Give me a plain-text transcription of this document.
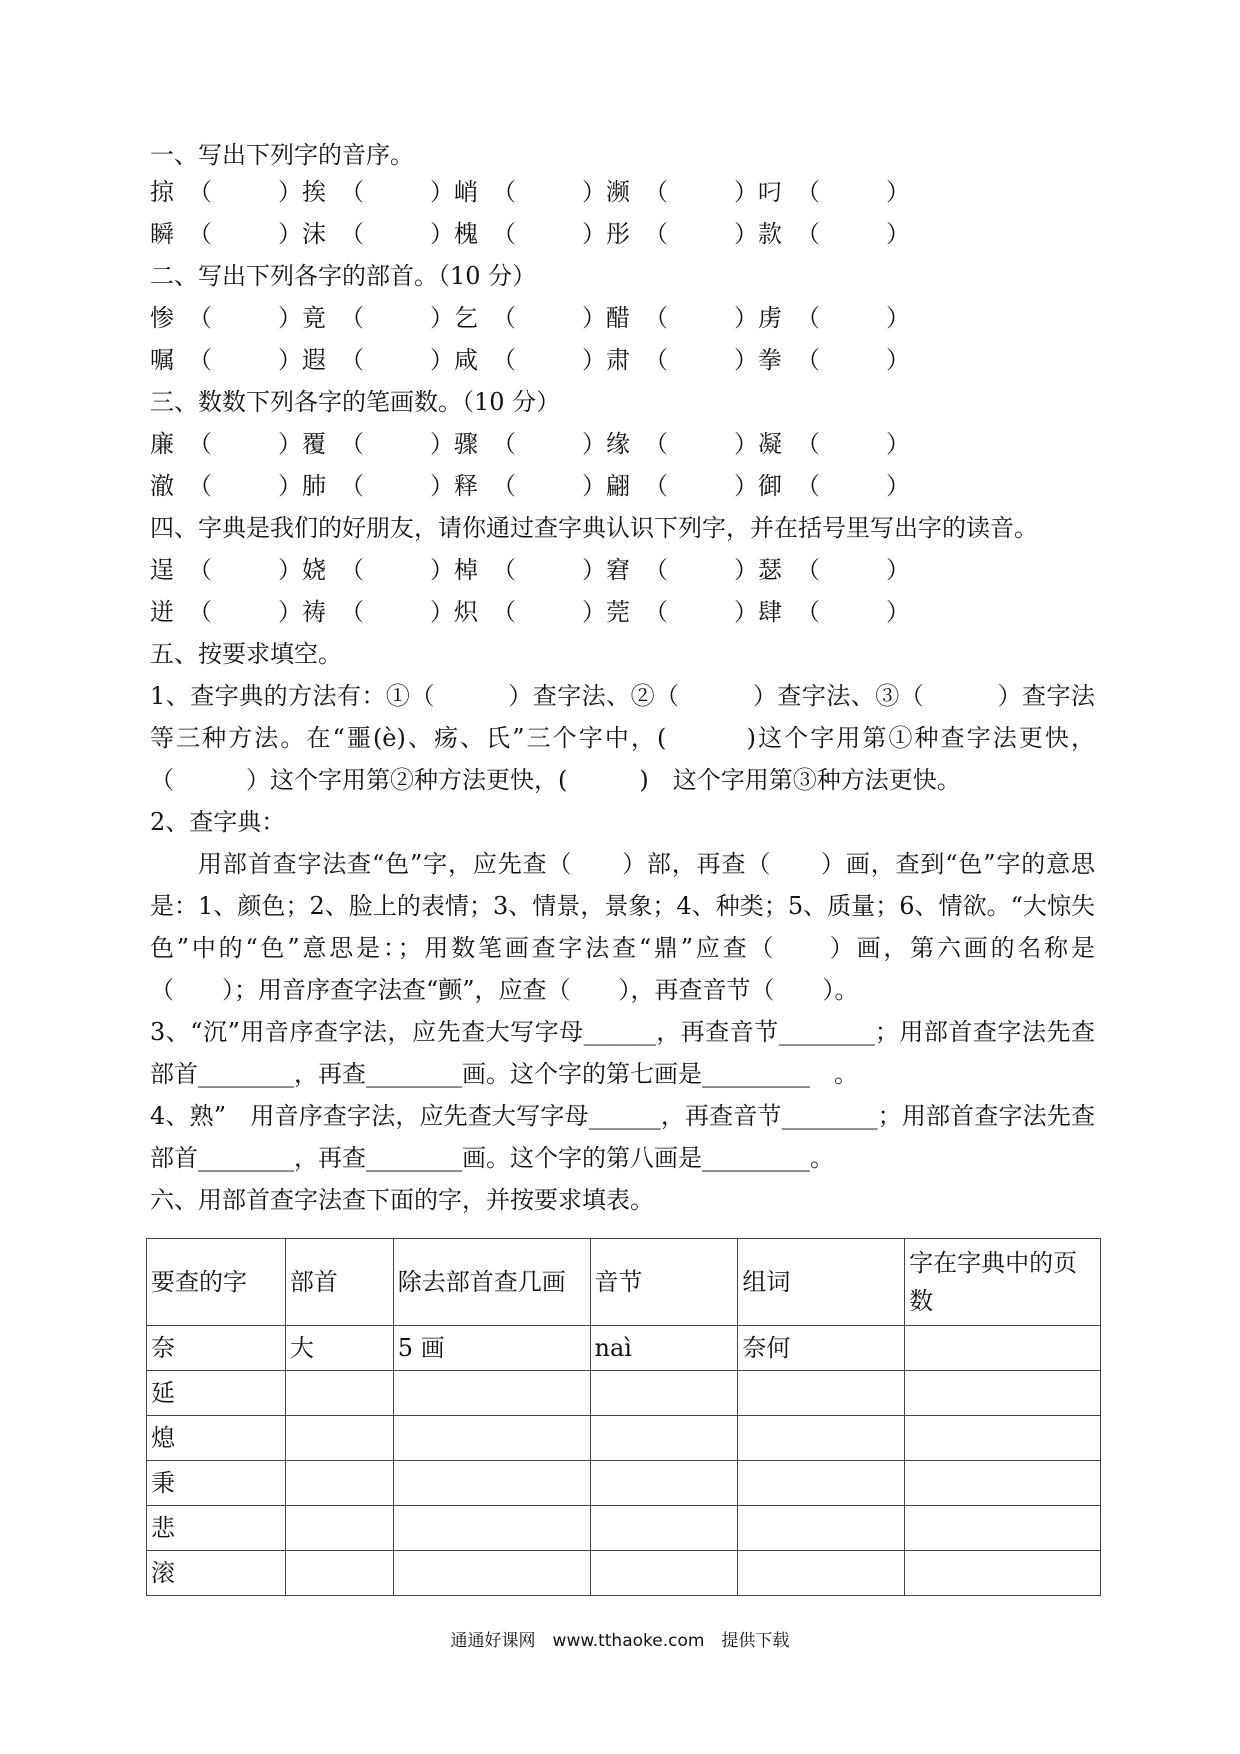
一、写出下列字的音序。
掠 （	） 挨 （	） 峭 （	） 濒 （	） 叼 （	）
瞬 （	） 沫 （	） 槐 （	） 彤 （	） 款 （	）
二、写出下列各字的部首。（10 分）
惨 （	） 竟 （	） 乞 （	） 醋 （	） 虏 （	）
嘱 （	） 遐 （	） 咸 （	） 肃 （	） 拳 （	）
三、数数下列各字的笔画数。（10 分）
廉 （	） 覆 （	） 骤 （	） 缘 （	） 凝 （	）
澈 （	） 肺 （	） 释 （	） 翩 （	） 御 （	）
四、字典是我们的好朋友，请你通过查字典认识下列字，并在括号里写出字的读音。
逞 （	） 娆 （	） 棹 （	） 窘 （	） 瑟 （	）
迸 （	） 祷 （	） 炽 （	） 莞 （	） 肆 （	）
五、按要求填空。
1、查字典的方法有：①（　　　）查字法、②（　　　）查字法、③（　　　）查字法等三种方法。在“噩(è)、疡、氏”三个字中，(　　　)这个字用第①种查字法更快，（　　　）这个字用第②种方法更快，(　　　)　这个字用第③种方法更快。
2、查字典：
用部首查字法查“色”字，应先查（　　）部，再查（　　）画，查到“色”字的意思是：1、颜色；2、脸上的表情；3、情景，景象；4、种类；5、质量；6、情欲。“大惊失色”中的“色”意思是：；用数笔画查字法查“鼎”应查（　　）画，第六画的名称是（　　）；用音序查字法查“颤”，应查（　　），再查音节（　　）。
3、“沉”用音序查字法，应先查大写字母______，再查音节________；用部首查字法先查部首________，再查________画。这个字的第七画是_________　。
4、熟”　用音序查字法，应先查大写字母______，再查音节________；用部首查字法先查部首________，再查________画。这个字的第八画是_________。
六、用部首查字法查下面的字，并按要求填表。
要查的字	部首	除去部首查几画	音节	组词	字在字典中的页数
奈	大	5 画	naì	奈何	
延					
熄					
秉					
悲					
滚					
通通好课网　www.tthaoke.com　提供下载
